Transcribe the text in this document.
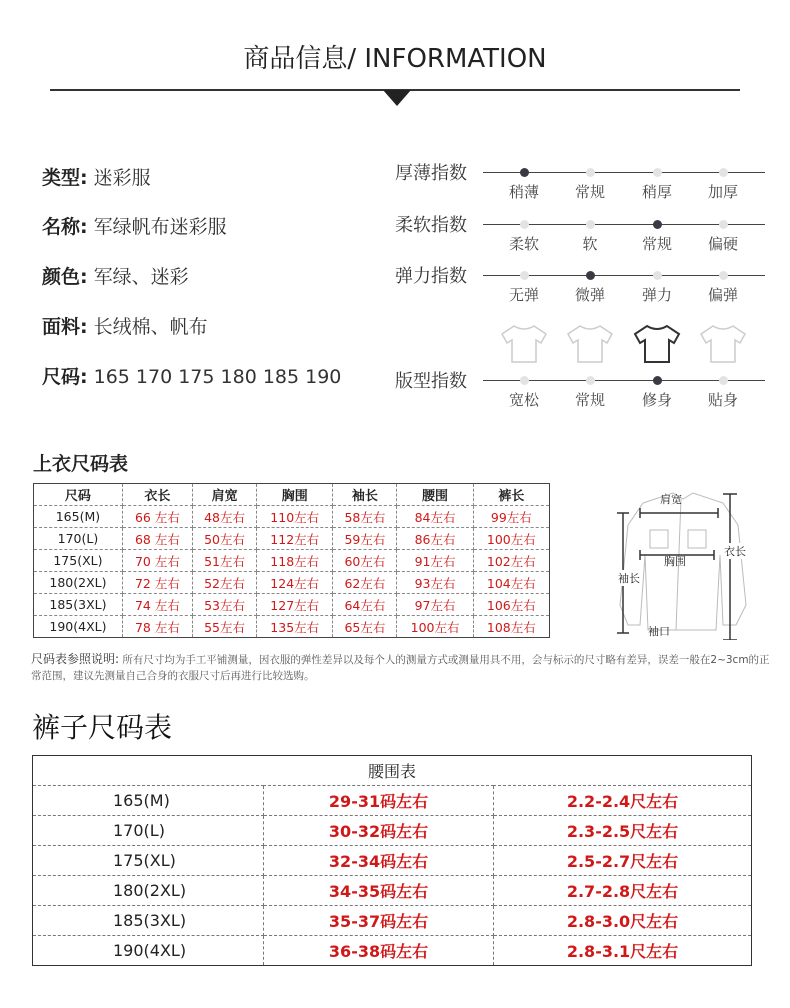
商品信息/ INFORMATION
上衣尺码表
尺码	衣长	肩宽	胸围	袖长	腰围	裤长
165(M)	66 左右	48左右	110左右	58左右	84左右	99左右
170(L)	68 左右	50左右	112左右	59左右	86左右	100左右
175(XL)	70 左右	51左右	118左右	60左右	91左右	102左右
180(2XL)	72 左右	52左右	124左右	62左右	93左右	104左右
185(3XL)	74 左右	53左右	127左右	64左右	97左右	106左右
190(4XL)	78 左右	55左右	135左右	65左右	100左右	108左右
肩宽
胸围
衣长
袖长
袖口
尺码表参照说明: 所有尺寸均为手工平铺测量，因衣服的弹性差异以及每个人的测量方式或测量用具不用，会与标示的尺寸略有差异，误差一般在2~3cm的正常范围，建议先测量自己合身的衣服尺寸后再进行比较选购。
裤子尺码表
腰围表		
165(M)	29-31码左右	2.2-2.4尺左右
170(L)	30-32码左右	2.3-2.5尺左右
175(XL)	32-34码左右	2.5-2.7尺左右
180(2XL)	34-35码左右	2.7-2.8尺左右
185(3XL)	35-37码左右	2.8-3.0尺左右
190(4XL)	36-38码左右	2.8-3.1尺左右
类型: 迷彩服
名称: 军绿帆布迷彩服
颜色: 军绿、迷彩
面料: 长绒棉、帆布
尺码: 165 170 175 180 185 190
厚薄指数
稍薄	常规	稍厚	加厚
柔软指数
柔软	软	常规	偏硬
弹力指数
无弹	微弹	弹力	偏弹
版型指数
宽松	常规	修身	贴身
